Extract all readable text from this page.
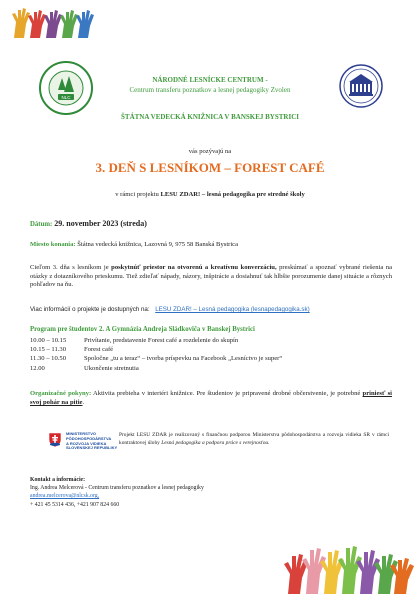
NLC
NÁRODNÉ LESNÍCKE CENTRUM -
Centrum transferu poznatkov a lesnej pedagogiky Zvolen
ŠTÁTNA VEDECKÁ KNIŽNICA V BANSKEJ BYSTRICI
vás pozývajú na
3. DEŇ S LESNÍKOM – FOREST CAFÉ
v rámci projektu LESU ZDAR! – lesná pedagogika pre stredné školy
Dátum: 29. november 2023 (streda)
Miesto konania: Štátna vedecká knižnica, Lazovná 9, 975 58 Banská Bystrica
Cieľom 3. dňa s lesníkom je poskytnúť priestor na otvorenú a kreatívnu konverzáciu, preskúmať a spoznať vybrané riešenia na otázky z dotazníkového prieskumu. Tiež zdieľať nápady, názory, inšpirácie a dosiahnuť tak hlbšie porozumenie danej situácie a rôznych pohľadov na ňu.
Viac informácií o projekte je dostupných na: LESU ZDAR! – Lesná pedagogika (lesnapedagogika.sk)
Program pre študentov 2. A Gymnázia Andreja Sládkoviča v Banskej Bystrici
10.00 – 10.15	Privítanie, predstavenie Forest café a rozdelenie do skupín
10.15 – 11.30	Forest café
11.30 – 10.50	Spoločne „tu a teraz“ – tvorba príspevku na Facebook „Lesníctvo je super“
12.00	Ukončenie stretnutia
Organizačné pokyny: Aktivita prebieha v interiéri knižnice. Pre študentov je pripravené drobné občerstvenie, je potrebné priniesť si svoj pohár na pitie.
MINISTERSTVO
PÔDOHOSPODÁRSTVA
A ROZVOJA VIDIEKA
SLOVENSKEJ REPUBLIKY
Projekt LESU ZDAR je realizovaný s finančnou podporou Ministerstva pôdohospodárstva a rozvoja vidieka SR v rámci kontraktovej úlohy Lesná pedagogika a podpora práce s verejnosťou.
Kontakt a informácie:
Ing. Andrea Melcerová - Centrum transferu poznatkov a lesnej pedagogiky
andrea.melcerova@nlcsk.org,
+ 421 45 5314 436, +421 907 824 660
